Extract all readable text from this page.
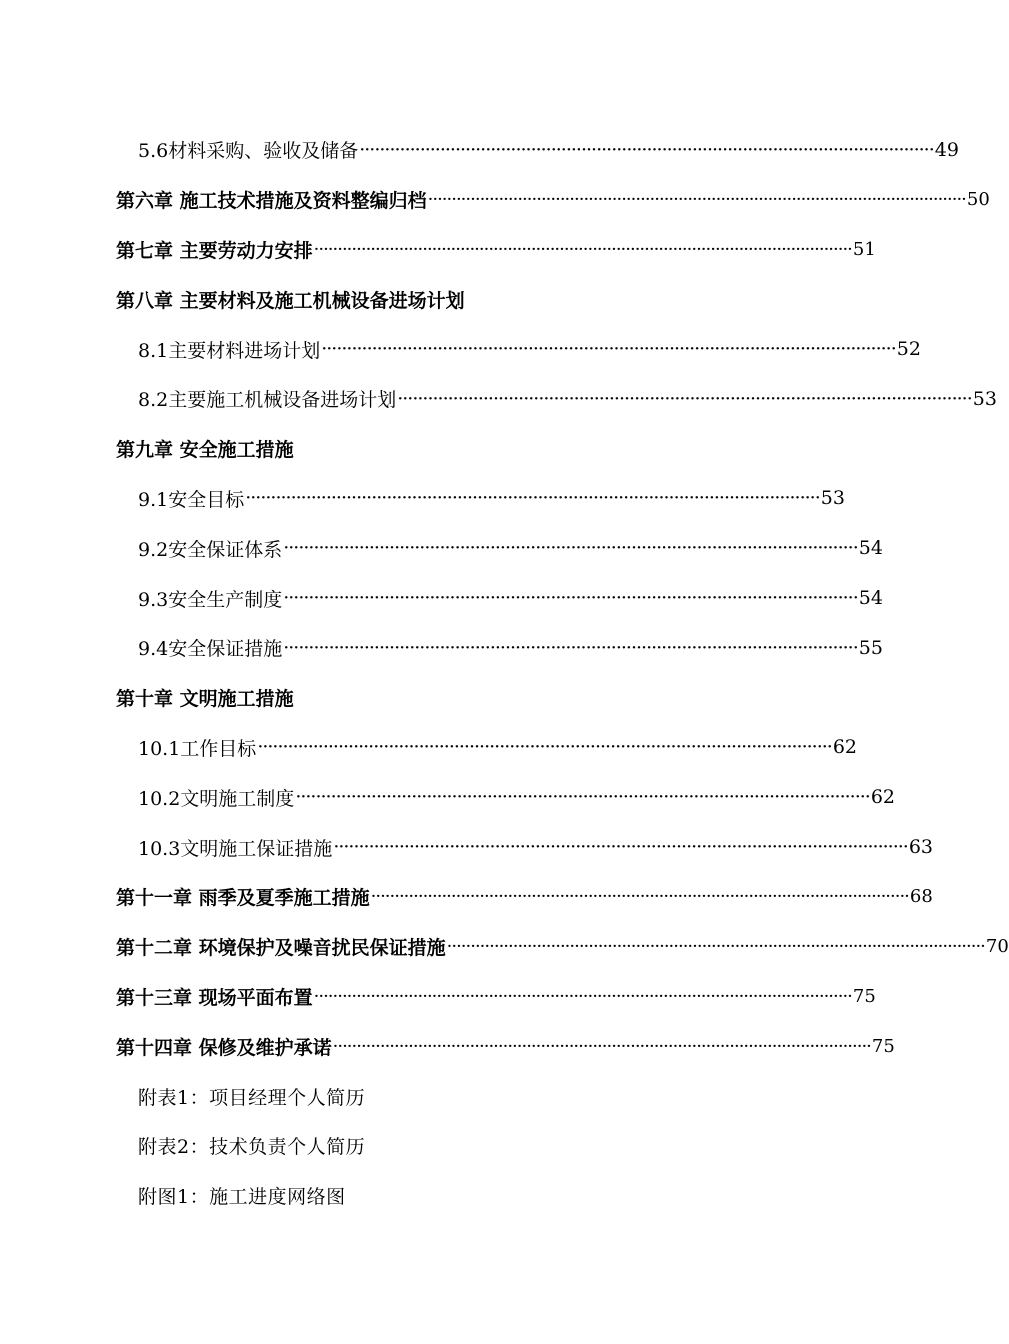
5.6材料采购、验收及储备 ·················································································································· 49
第六章 施工技术措施及资料整编归档 ·················································································································· 50
第七章 主要劳动力安排 ·················································································································· 51
第八章 主要材料及施工机械设备进场计划
8.1主要材料进场计划 ·················································································································· 52
8.2主要施工机械设备进场计划 ·················································································································· 53
第九章 安全施工措施
9.1安全目标 ·················································································································· 53
9.2安全保证体系 ·················································································································· 54
9.3安全生产制度 ·················································································································· 54
9.4安全保证措施 ·················································································································· 55
第十章 文明施工措施
10.1工作目标 ·················································································································· 62
10.2文明施工制度 ·················································································································· 62
10.3文明施工保证措施 ·················································································································· 63
第十一章 雨季及夏季施工措施 ·················································································································· 68
第十二章 环境保护及噪音扰民保证措施 ·················································································································· 70
第十三章 现场平面布置 ·················································································································· 75
第十四章 保修及维护承诺 ·················································································································· 75
附表1：项目经理个人简历
附表2：技术负责个人简历
附图1：施工进度网络图
